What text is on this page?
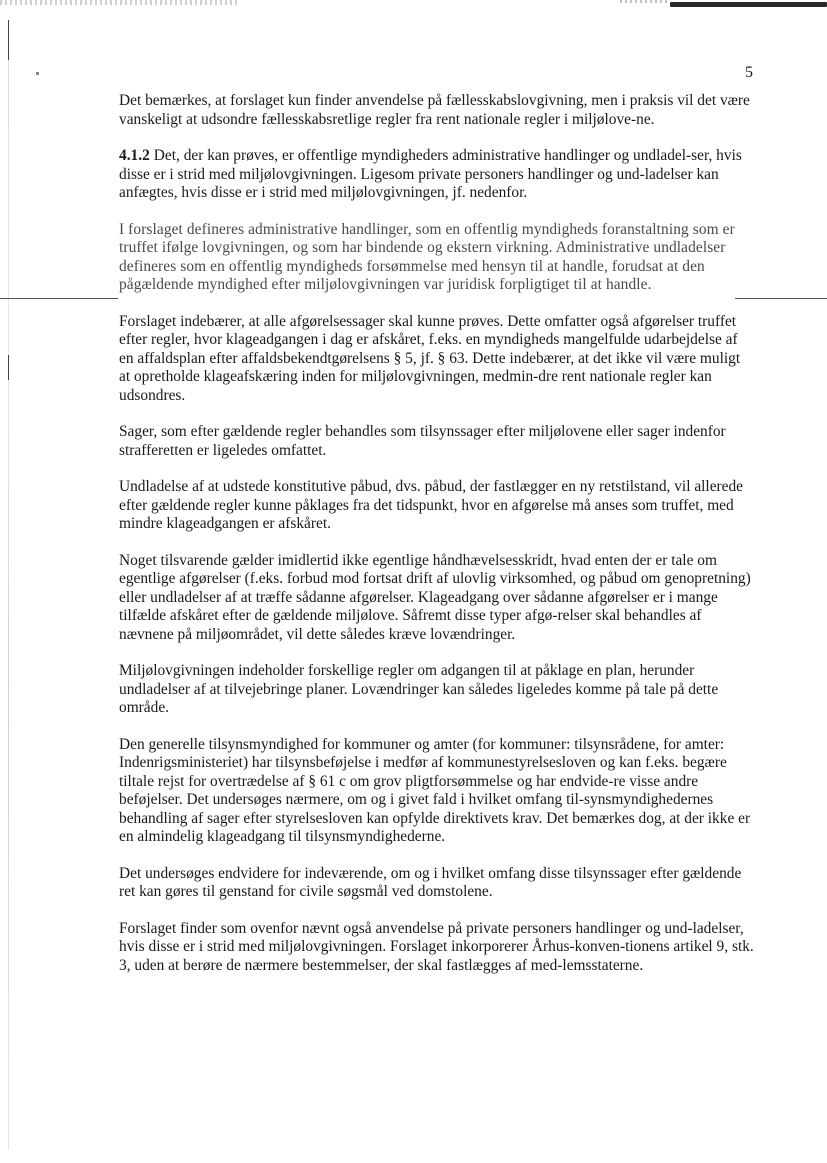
5

Det bemærkes, at forslaget kun finder anvendelse på fællesskabslovgivning, men i praksis vil det være vanskeligt at udsondre fællesskabsretlige regler fra rent nationale regler i miljølove-ne.

4.1.2 Det, der kan prøves, er offentlige myndigheders administrative handlinger og undladel-ser, hvis disse er i strid med miljølovgivningen. Ligesom private personers handlinger og und-ladelser kan anfægtes, hvis disse er i strid med miljølovgivningen, jf. nedenfor.

I forslaget defineres administrative handlinger, som en offentlig myndigheds foranstaltning som er truffet ifølge lovgivningen, og som har bindende og ekstern virkning. Administrative undladelser defineres som en offentlig myndigheds forsømmelse med hensyn til at handle, forudsat at den pågældende myndighed efter miljølovgivningen var juridisk forpligtiget til at handle.

Forslaget indebærer, at alle afgørelsessager skal kunne prøves. Dette omfatter også afgørelser truffet efter regler, hvor klageadgangen i dag er afskåret, f.eks. en myndigheds mangelfulde udarbejdelse af en affaldsplan efter affaldsbekendtgørelsens § 5, jf. § 63. Dette indebærer, at det ikke vil være muligt at opretholde klageafskæring inden for miljølovgivningen, medmin-dre rent nationale regler kan udsondres.

Sager, som efter gældende regler behandles som tilsynssager efter miljølovene eller sager indenfor strafferetten er ligeledes omfattet.

Undladelse af at udstede konstitutive påbud, dvs. påbud, der fastlægger en ny retstilstand, vil allerede efter gældende regler kunne påklages fra det tidspunkt, hvor en afgørelse må anses som truffet, med mindre klageadgangen er afskåret.

Noget tilsvarende gælder imidlertid ikke egentlige håndhævelsesskridt, hvad enten der er tale om egentlige afgørelser (f.eks. forbud mod fortsat drift af ulovlig virksomhed, og påbud om genopretning) eller undladelser af at træffe sådanne afgørelser. Klageadgang over sådanne afgørelser er i mange tilfælde afskåret efter de gældende miljølove. Såfremt disse typer afgø-relser skal behandles af nævnene på miljøområdet, vil dette således kræve lovændringer.

Miljølovgivningen indeholder forskellige regler om adgangen til at påklage en plan, herunder undladelser af at tilvejebringe planer. Lovændringer kan således ligeledes komme på tale på dette område.

Den generelle tilsynsmyndighed for kommuner og amter (for kommuner: tilsynsrådene, for amter: Indenrigsministeriet) har tilsynsbeføjelse i medfør af kommunestyrelsesloven og kan f.eks. begære tiltale rejst for overtrædelse af § 61 c om grov pligtforsømmelse og har endvide-re visse andre beføjelser. Det undersøges nærmere, om og i givet fald i hvilket omfang til-synsmyndighedernes behandling af sager efter styrelsesloven kan opfylde direktivets krav. Det bemærkes dog, at der ikke er en almindelig klageadgang til tilsynsmyndighederne.

Det undersøges endvidere for indeværende, om og i hvilket omfang disse tilsynssager efter gældende ret kan gøres til genstand for civile søgsmål ved domstolene.

Forslaget finder som ovenfor nævnt også anvendelse på private personers handlinger og und-ladelser, hvis disse er i strid med miljølovgivningen. Forslaget inkorporerer Århus-konven-tionens artikel 9, stk. 3, uden at berøre de nærmere bestemmelser, der skal fastlægges af med-lemsstaterne.
